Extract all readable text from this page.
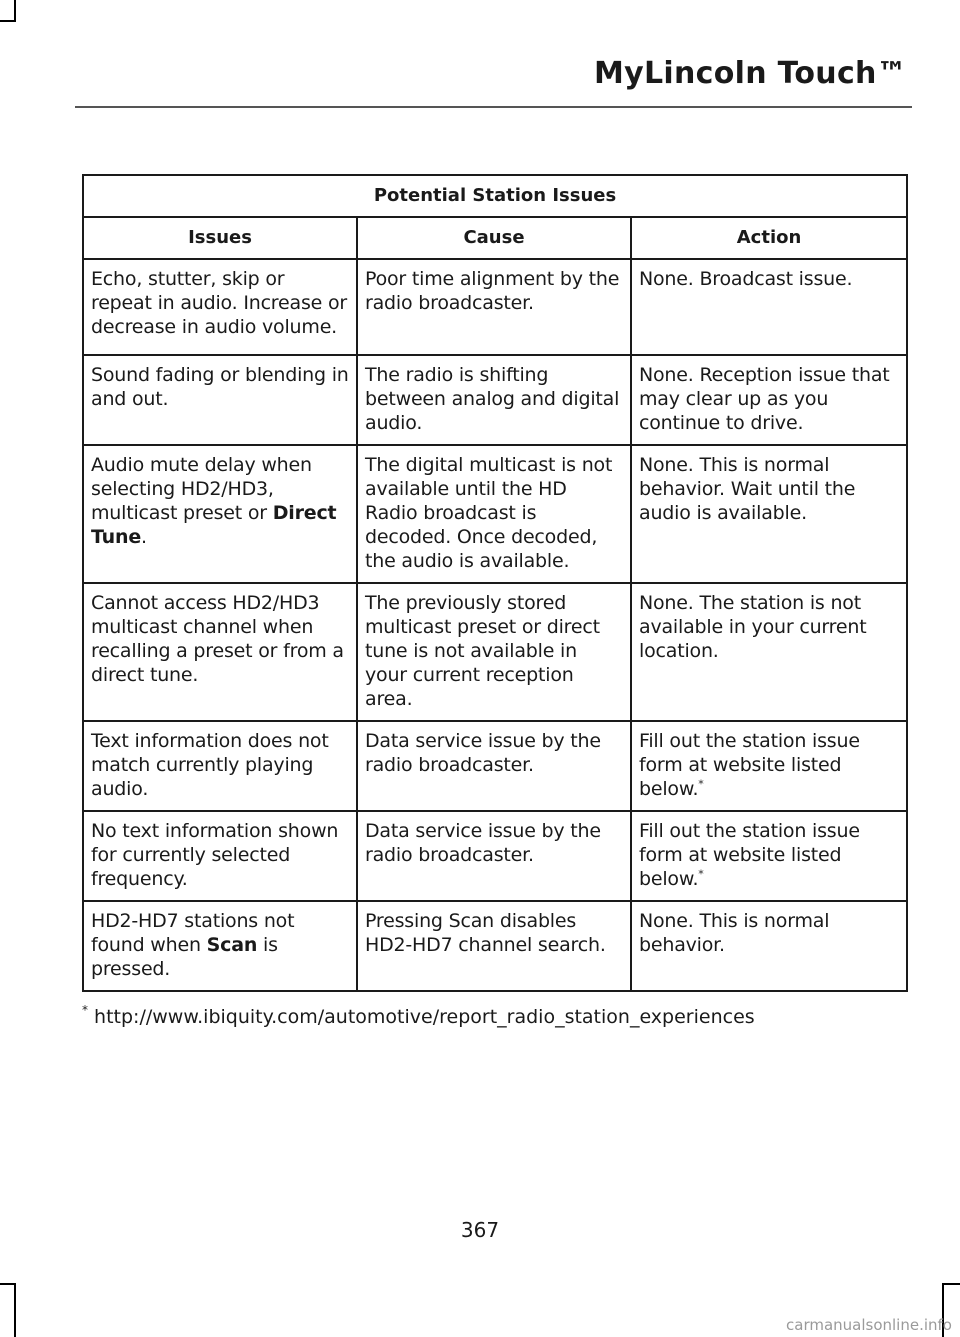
MyLincoln Touch™
Potential Station Issues		
Issues	Cause	Action
Echo, stutter, skip or repeat in audio. Increase or decrease in audio volume.	Poor time alignment by the radio broadcaster.	None. Broadcast issue.
Sound fading or blending in and out.	The radio is shifting between analog and digital audio.	None. Reception issue that may clear up as you continue to drive.
Audio mute delay when selecting HD2/HD3, multicast preset or Direct Tune.	The digital multicast is not available until the HD Radio broadcast is decoded. Once decoded, the audio is available.	None. This is normal behavior. Wait until the audio is available.
Cannot access HD2/HD3 multicast channel when recalling a preset or from a direct tune.	The previously stored multicast preset or direct tune is not available in your current reception area.	None. The station is not available in your current location.
Text information does not match currently playing audio.	Data service issue by the radio broadcaster.	Fill out the station issue form at website listed below.*
No text information shown for currently selected frequency.	Data service issue by the radio broadcaster.	Fill out the station issue form at website listed below.*
HD2-HD7 stations not found when Scan is pressed.	Pressing Scan disables HD2-HD7 channel search.	None. This is normal behavior.

* http://www.ibiquity.com/automotive/report_radio_station_experiences

367

carmanualsonline.info
